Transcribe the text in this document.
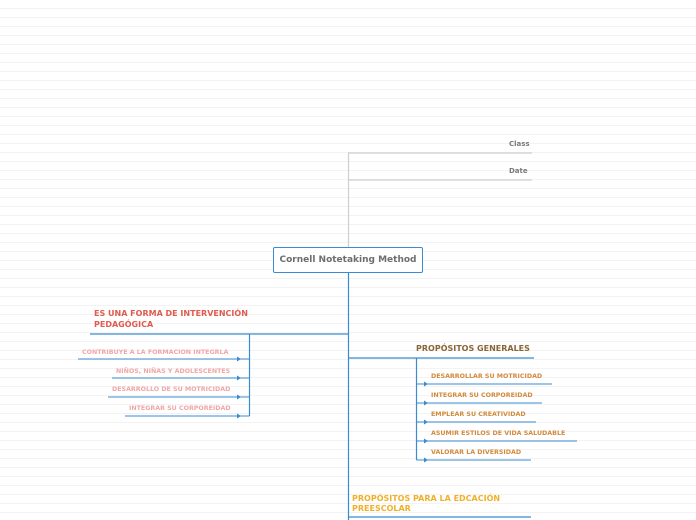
Class
Date
Cornell Notetaking Method
ES UNA FORMA DE INTERVENCIÓN PEDAGÓGICA
CONTRIBUYE A LA FORMACION INTEGRLA
NIÑOS, NIÑAS Y ADOLESCENTES
DESARROLLO DE SU MOTRICIDAD
INTEGRAR SU CORPOREIDAD
PROPÓSITOS GENERALES
DESARROLLAR SU MOTRICIDAD
INTEGRAR SU CORPOREIDAD
EMPLEAR SU CREATIVIDAD
ASUMIR ESTILOS DE VIDA SALUDABLE
VALORAR LA DIVERSIDAD
PROPÓSITOS PARA LA EDCACIÓN PREESCOLAR
